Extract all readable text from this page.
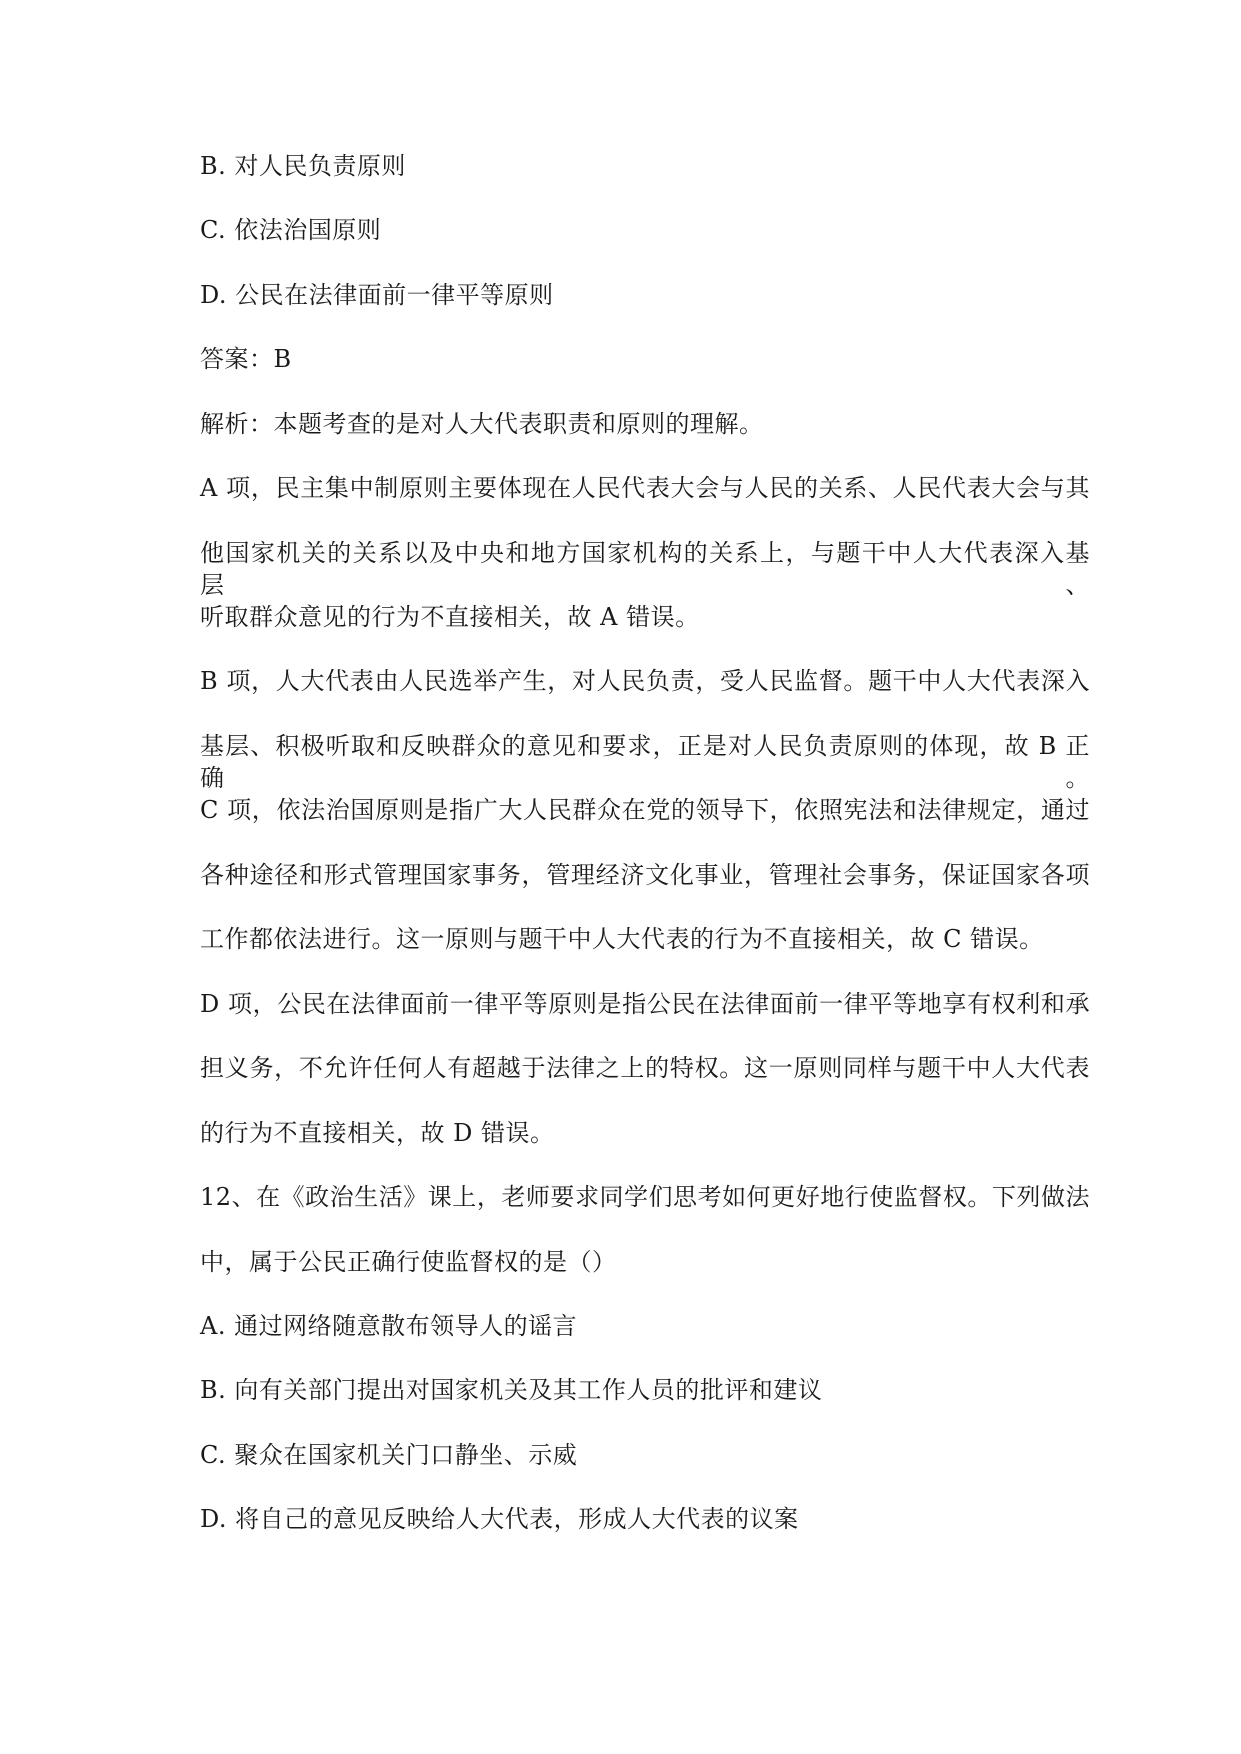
B. 对人民负责原则
C. 依法治国原则
D. 公民在法律面前一律平等原则
答案：B
解析：本题考查的是对人大代表职责和原则的理解。
A 项，民主集中制原则主要体现在人民代表大会与人民的关系、人民代表大会与其
他国家机关的关系以及中央和地方国家机构的关系上，与题干中人大代表深入基层、
听取群众意见的行为不直接相关，故 A 错误。
B 项，人大代表由人民选举产生，对人民负责，受人民监督。题干中人大代表深入
基层、积极听取和反映群众的意见和要求，正是对人民负责原则的体现，故 B 正确。
C 项，依法治国原则是指广大人民群众在党的领导下，依照宪法和法律规定，通过
各种途径和形式管理国家事务，管理经济文化事业，管理社会事务，保证国家各项
工作都依法进行。这一原则与题干中人大代表的行为不直接相关，故 C 错误。
D 项，公民在法律面前一律平等原则是指公民在法律面前一律平等地享有权利和承
担义务，不允许任何人有超越于法律之上的特权。这一原则同样与题干中人大代表
的行为不直接相关，故 D 错误。
12、在《政治生活》课上，老师要求同学们思考如何更好地行使监督权。下列做法
中，属于公民正确行使监督权的是（）
A. 通过网络随意散布领导人的谣言
B. 向有关部门提出对国家机关及其工作人员的批评和建议
C. 聚众在国家机关门口静坐、示威
D. 将自己的意见反映给人大代表，形成人大代表的议案
